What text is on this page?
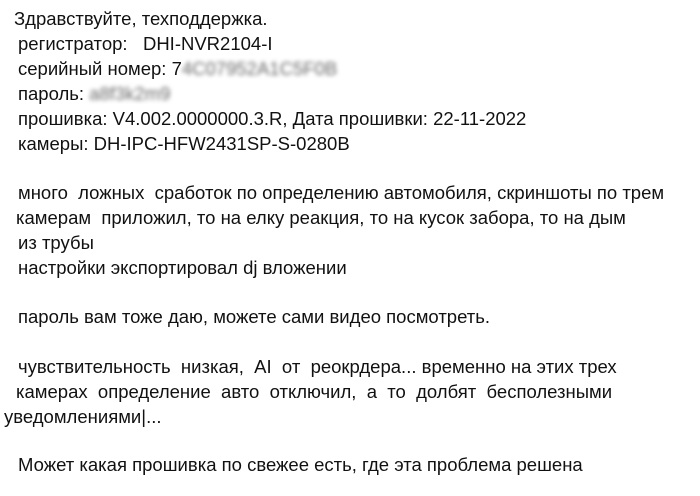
Здравствуйте, техподдержка.
регистратор:   DHI-NVR2104-I
серийный номер: 74C07952A1C5F0B
пароль: a8f3k2m9
прошивка: V4.002.0000000.3.R, Дата прошивки: 22-11-2022
камеры: DH-IPC-HFW2431SP-S-0280B
много  ложных  сработок по определению автомобиля, скриншоты по трем
камерам  приложил, то на елку реакция, то на кусок забора, то на дым
из трубы
настройки экспортировал dj вложении
пароль вам тоже даю, можете сами видео посмотреть.
чувствительность  низкая,  AI  от  реокрдера... временно на этих трех
камерах  определение  авто  отключил,  а  то  долбят  бесполезными
уведомлениями|...
Может какая прошивка по свежее есть, где эта проблема решена
